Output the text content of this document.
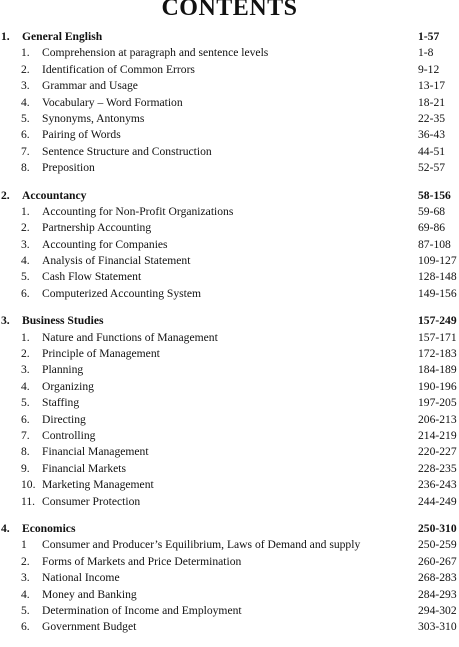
CONTENTS
1. General English	1-57
1. Comprehension at paragraph and sentence levels	1-8
2. Identification of Common Errors	9-12
3. Grammar and Usage	13-17
4. Vocabulary – Word Formation	18-21
5. Synonyms, Antonyms	22-35
6. Pairing of Words	36-43
7. Sentence Structure and Construction	44-51
8. Preposition	52-57
2. Accountancy	58-156
1. Accounting for Non-Profit Organizations	59-68
2. Partnership Accounting	69-86
3. Accounting for Companies	87-108
4. Analysis of Financial Statement	109-127
5. Cash Flow Statement	128-148
6. Computerized Accounting System	149-156
3. Business Studies	157-249
1. Nature and Functions of Management	157-171
2. Principle of Management	172-183
3. Planning	184-189
4. Organizing	190-196
5. Staffing	197-205
6. Directing	206-213
7. Controlling	214-219
8. Financial Management	220-227
9. Financial Markets	228-235
10. Marketing Management	236-243
11. Consumer Protection	244-249
4. Economics	250-310
1 Consumer and Producer’s Equilibrium, Laws of Demand and supply	250-259
2. Forms of Markets and Price Determination	260-267
3. National Income	268-283
4. Money and Banking	284-293
5. Determination of Income and Employment	294-302
6. Government Budget	303-310
